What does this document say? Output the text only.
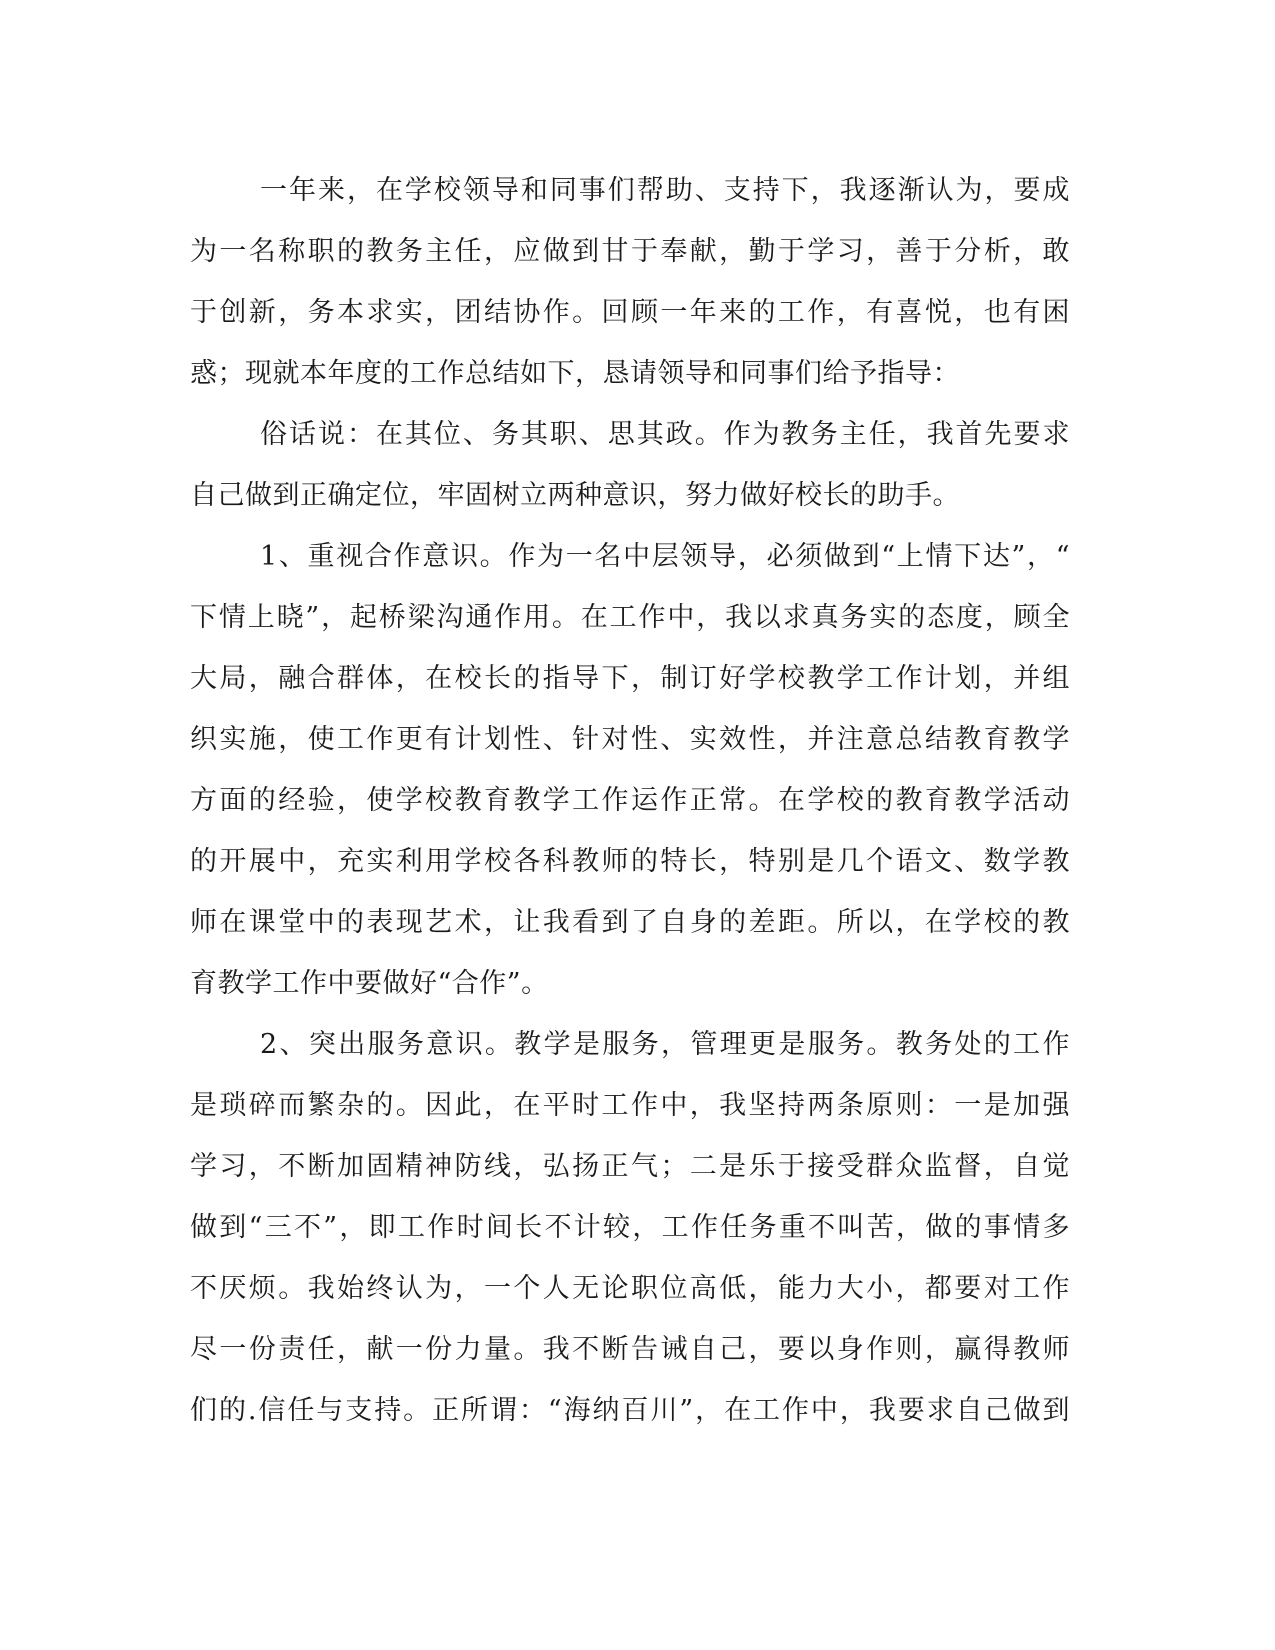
一年来，在学校领导和同事们帮助、支持下，我逐渐认为，要成
为一名称职的教务主任，应做到甘于奉献，勤于学习，善于分析，敢
于创新，务本求实，团结协作。回顾一年来的工作，有喜悦，也有困
惑；现就本年度的工作总结如下，恳请领导和同事们给予指导：
俗话说：在其位、务其职、思其政。作为教务主任，我首先要求
自己做到正确定位，牢固树立两种意识，努力做好校长的助手。
1、重视合作意识。作为一名中层领导，必须做到“上情下达”，“
下情上晓”，起桥梁沟通作用。在工作中，我以求真务实的态度，顾全
大局，融合群体，在校长的指导下，制订好学校教学工作计划，并组
织实施，使工作更有计划性、针对性、实效性，并注意总结教育教学
方面的经验，使学校教育教学工作运作正常。在学校的教育教学活动
的开展中，充实利用学校各科教师的特长，特别是几个语文、数学教
师在课堂中的表现艺术，让我看到了自身的差距。所以，在学校的教
育教学工作中要做好“合作”。
2、突出服务意识。教学是服务，管理更是服务。教务处的工作
是琐碎而繁杂的。因此，在平时工作中，我坚持两条原则：一是加强
学习，不断加固精神防线，弘扬正气；二是乐于接受群众监督，自觉
做到“三不”，即工作时间长不计较，工作任务重不叫苦，做的事情多
不厌烦。我始终认为，一个人无论职位高低，能力大小，都要对工作
尽一份责任，献一份力量。我不断告诫自己，要以身作则，赢得教师
们的.信任与支持。正所谓：“海纳百川”，在工作中，我要求自己做到
